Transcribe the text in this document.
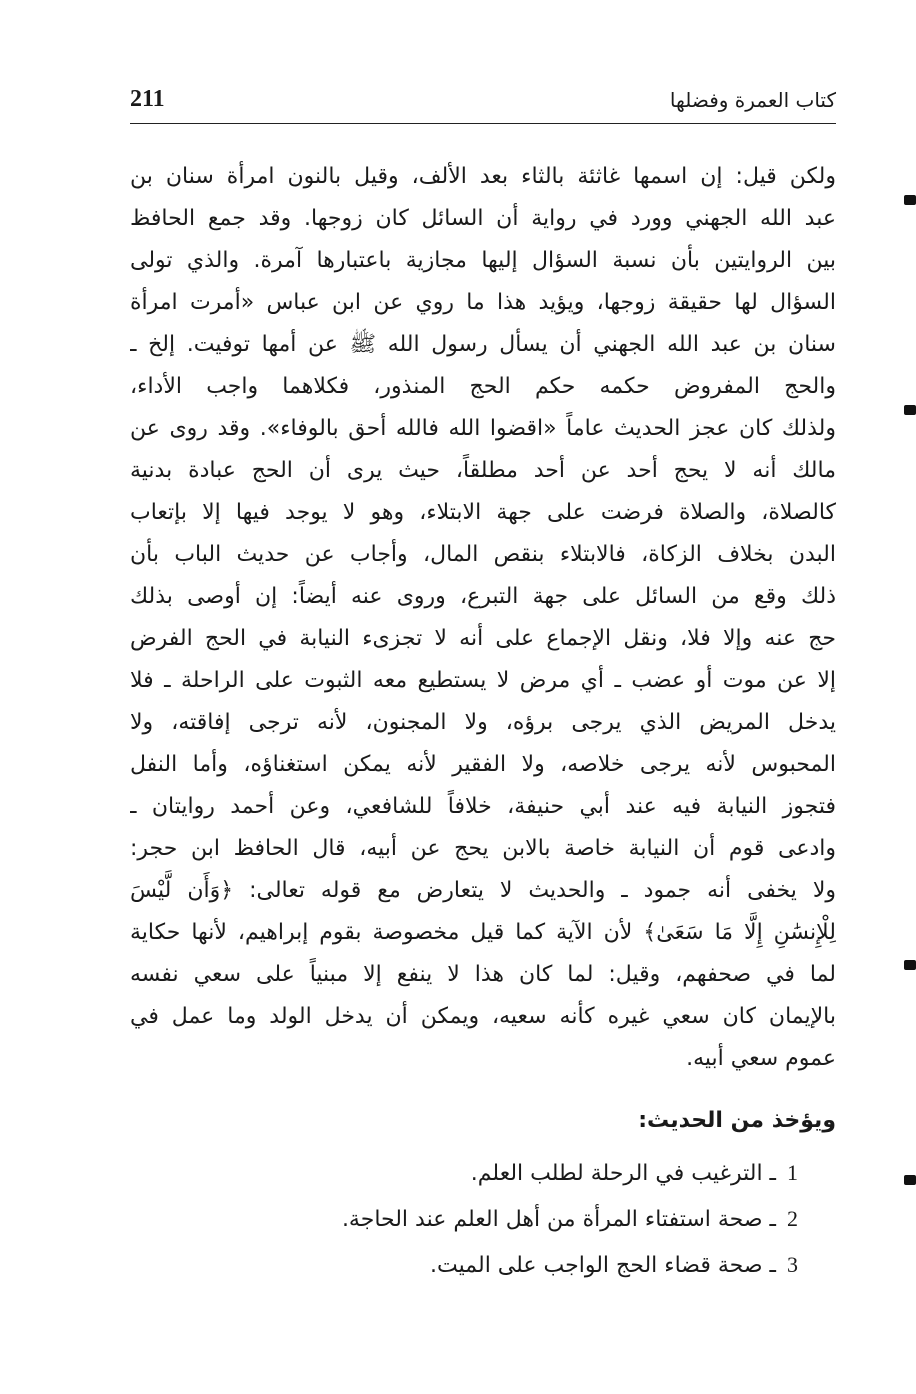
211	كتاب العمرة وفضلها
ولكن قيل: إن اسمها غاثئة بالثاء بعد الألف، وقيل بالنون امرأة سنان بن
عبد الله الجهني وورد في رواية أن السائل كان زوجها. وقد جمع الحافظ
بين الروايتين بأن نسبة السؤال إليها مجازية باعتبارها آمرة. والذي تولى
السؤال لها حقيقة زوجها، ويؤيد هذا ما روي عن ابن عباس «أمرت امرأة
سنان بن عبد الله الجهني أن يسأل رسول الله ﷺ عن أمها توفيت. إلخ ـ
والحج المفروض حكمه حكم الحج المنذور، فكلاهما واجب الأداء،
ولذلك كان عجز الحديث عاماً «اقضوا الله فالله أحق بالوفاء». وقد روى عن
مالك أنه لا يحج أحد عن أحد مطلقاً، حيث يرى أن الحج عبادة بدنية
كالصلاة، والصلاة فرضت على جهة الابتلاء، وهو لا يوجد فيها إلا بإتعاب
البدن بخلاف الزكاة، فالابتلاء بنقص المال، وأجاب عن حديث الباب بأن
ذلك وقع من السائل على جهة التبرع، وروى عنه أيضاً: إن أوصى بذلك
حج عنه وإلا فلا، ونقل الإجماع على أنه لا تجزىء النيابة في الحج الفرض
إلا عن موت أو عضب ـ أي مرض لا يستطيع معه الثبوت على الراحلة ـ فلا
يدخل المريض الذي يرجى برؤه، ولا المجنون، لأنه ترجى إفاقته، ولا
المحبوس لأنه يرجى خلاصه، ولا الفقير لأنه يمكن استغناؤه، وأما النفل
فتجوز النيابة فيه عند أبي حنيفة، خلافاً للشافعي، وعن أحمد روايتان ـ
وادعى قوم أن النيابة خاصة بالابن يحج عن أبيه، قال الحافظ ابن حجر:
ولا يخفى أنه جمود ـ والحديث لا يتعارض مع قوله تعالى: ﴿وَأَن لَّيْسَ
لِلْإِنسَٰنِ إِلَّا مَا سَعَىٰ﴾ لأن الآية كما قيل مخصوصة بقوم إبراهيم، لأنها حكاية
لما في صحفهم، وقيل: لما كان هذا لا ينفع إلا مبنياً على سعي نفسه
بالإيمان كان سعي غيره كأنه سعيه، ويمكن أن يدخل الولد وما عمل في
عموم سعي أبيه.
ويؤخذ من الحديث:
1 ـ الترغيب في الرحلة لطلب العلم.
2 ـ صحة استفتاء المرأة من أهل العلم عند الحاجة.
3 ـ صحة قضاء الحج الواجب على الميت.
